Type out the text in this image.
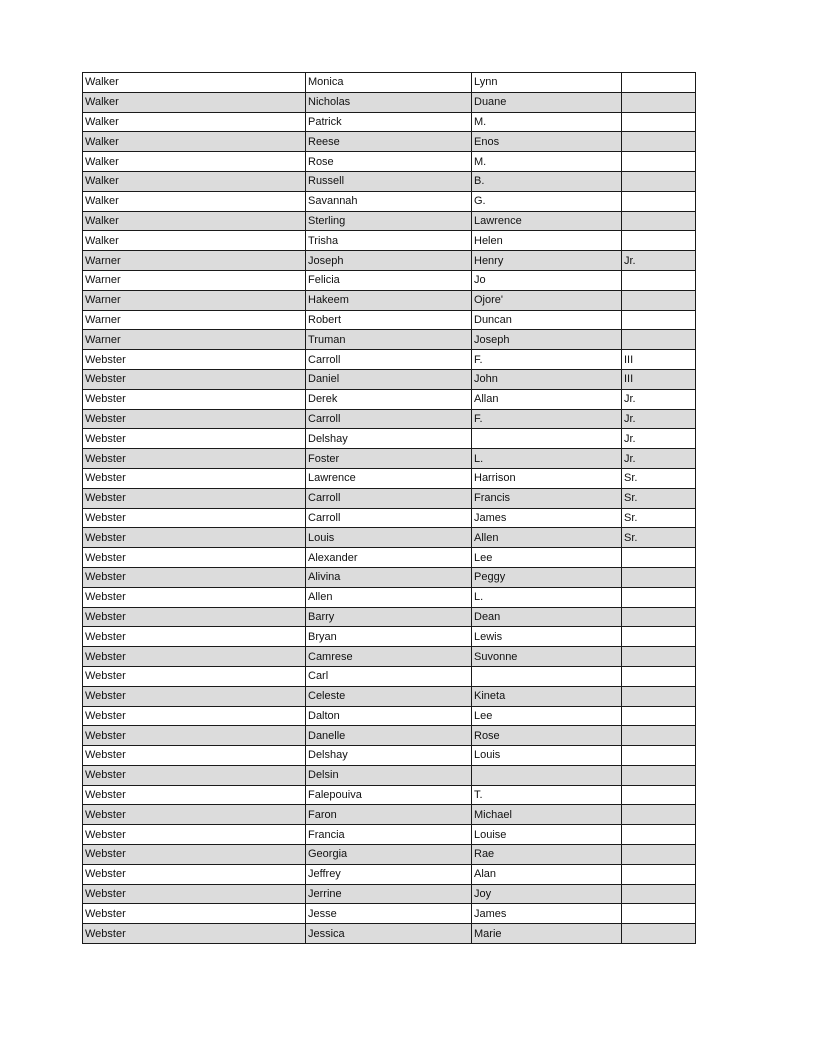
Walker	Monica	Lynn	
Walker	Nicholas	Duane	
Walker	Patrick	M.	
Walker	Reese	Enos	
Walker	Rose	M.	
Walker	Russell	B.	
Walker	Savannah	G.	
Walker	Sterling	Lawrence	
Walker	Trisha	Helen	
Warner	Joseph	Henry	Jr.
Warner	Felicia	Jo	
Warner	Hakeem	Ojore'	
Warner	Robert	Duncan	
Warner	Truman	Joseph	
Webster	Carroll	F.	III
Webster	Daniel	John	III
Webster	Derek	Allan	Jr.
Webster	Carroll	F.	Jr.
Webster	Delshay		Jr.
Webster	Foster	L.	Jr.
Webster	Lawrence	Harrison	Sr.
Webster	Carroll	Francis	Sr.
Webster	Carroll	James	Sr.
Webster	Louis	Allen	Sr.
Webster	Alexander	Lee	
Webster	Alivina	Peggy	
Webster	Allen	L.	
Webster	Barry	Dean	
Webster	Bryan	Lewis	
Webster	Camrese	Suvonne	
Webster	Carl		
Webster	Celeste	Kineta	
Webster	Dalton	Lee	
Webster	Danelle	Rose	
Webster	Delshay	Louis	
Webster	Delsin		
Webster	Falepouiva	T.	
Webster	Faron	Michael	
Webster	Francia	Louise	
Webster	Georgia	Rae	
Webster	Jeffrey	Alan	
Webster	Jerrine	Joy	
Webster	Jesse	James	
Webster	Jessica	Marie	
